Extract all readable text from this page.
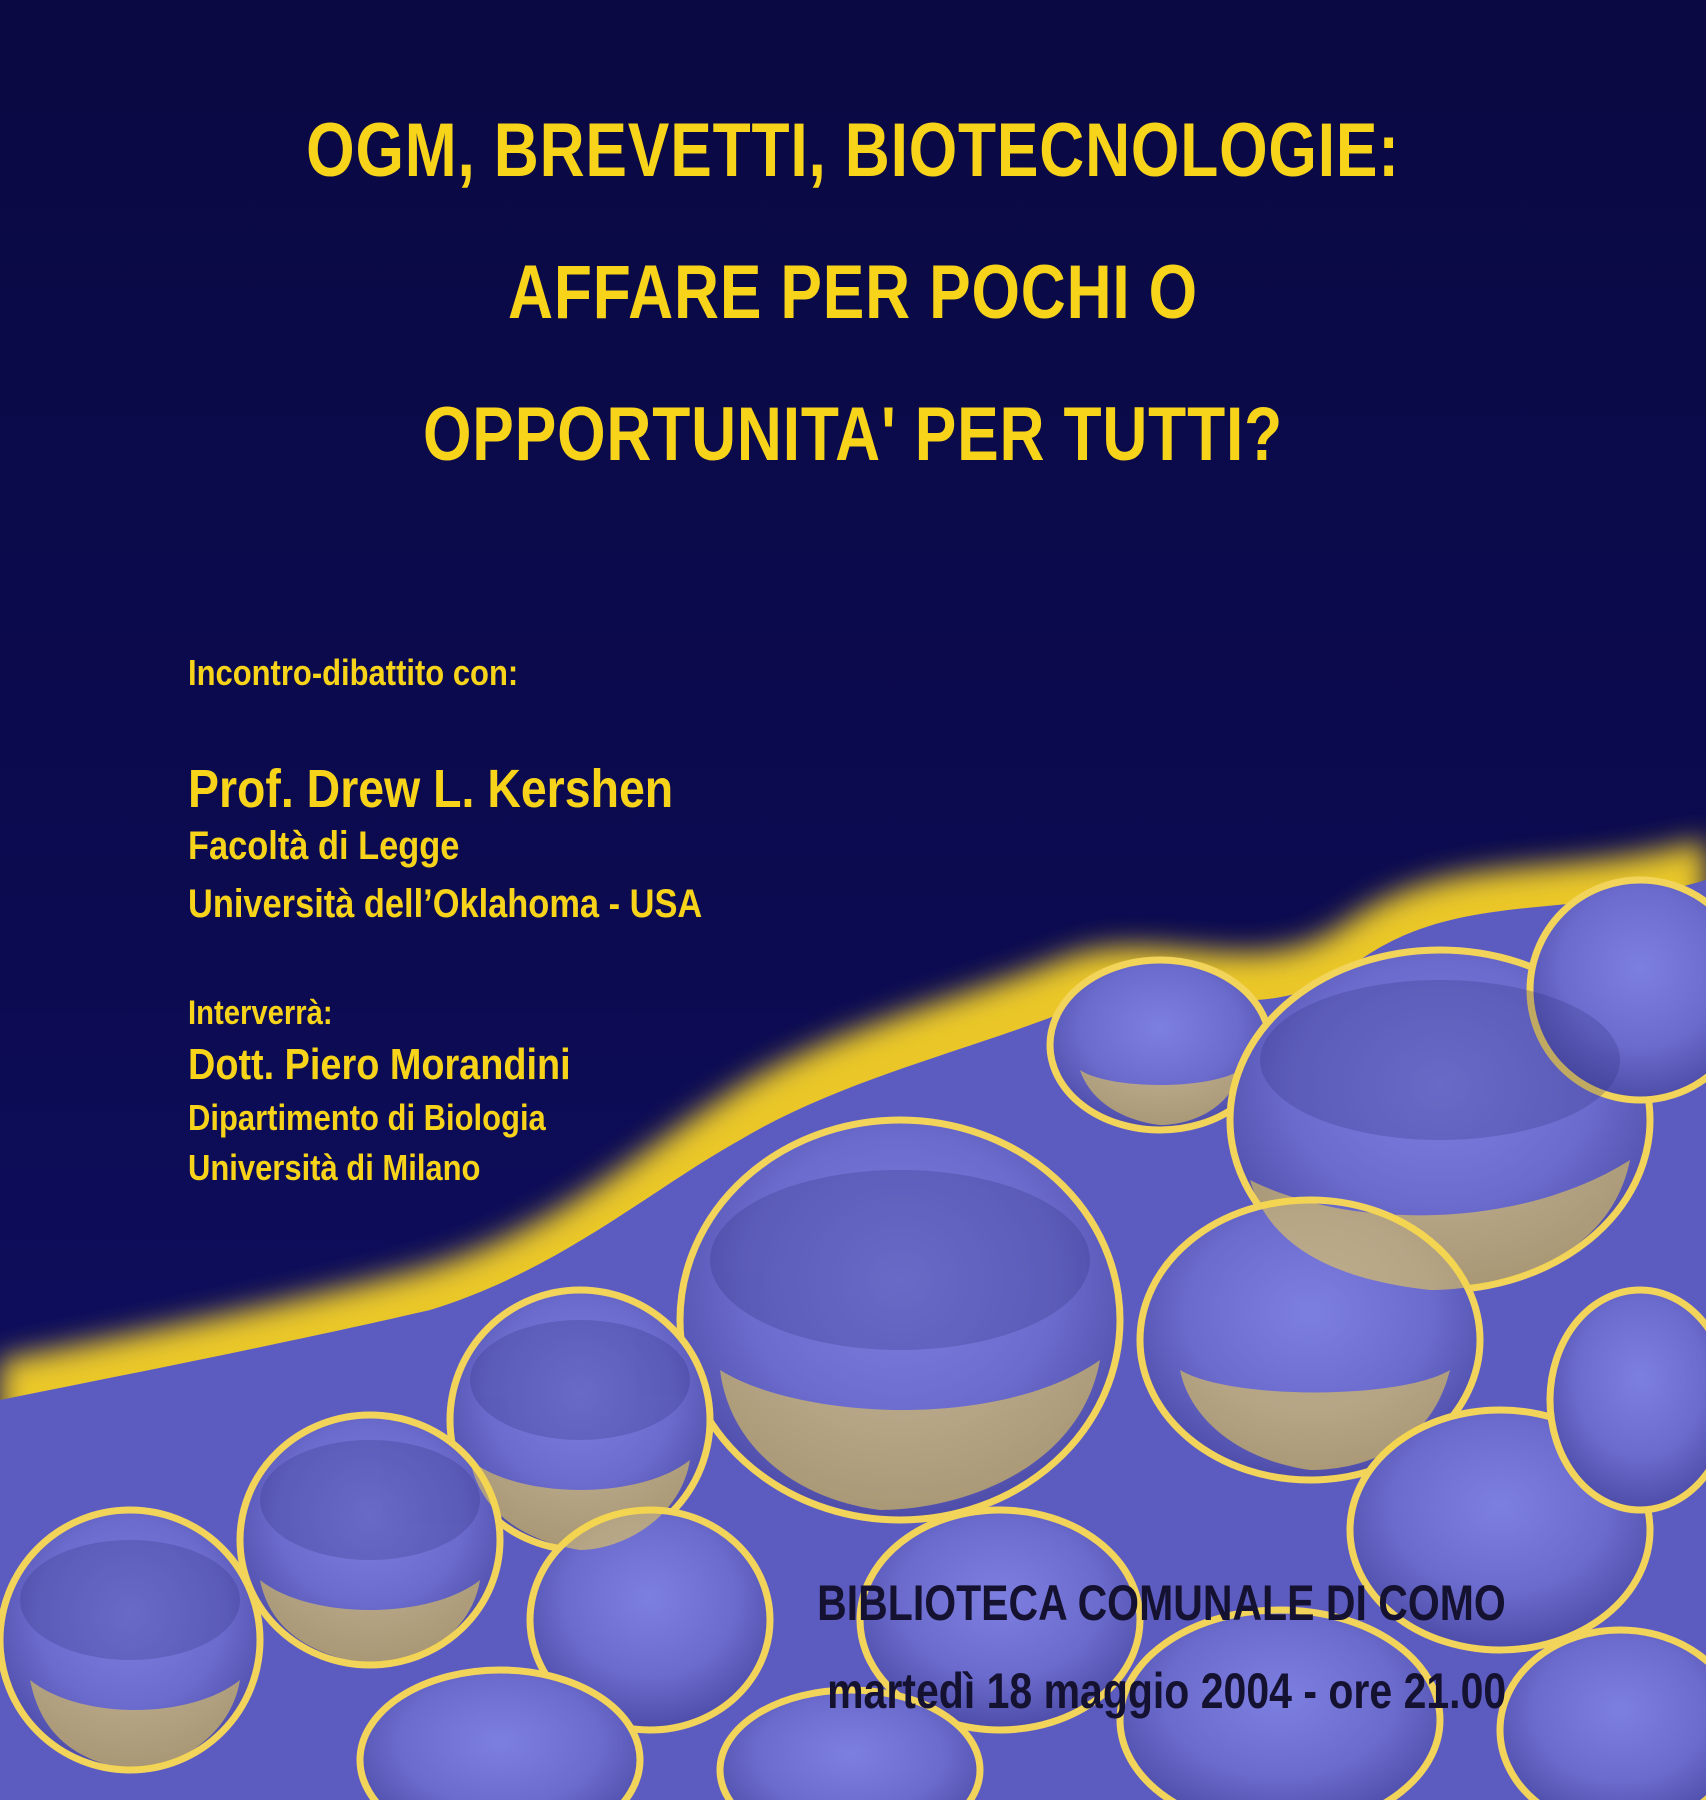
OGM, BREVETTI, BIOTECNOLOGIE:
AFFARE PER POCHI O
OPPORTUNITA' PER TUTTI?
Incontro-dibattito con:
Prof. Drew L. Kershen
Facoltà di Legge
Università dell’Oklahoma - USA
Interverrà:
Dott. Piero Morandini
Dipartimento di Biologia
Università di Milano
BIBLIOTECA COMUNALE DI COMO
martedì 18 maggio 2004 - ore 21.00
